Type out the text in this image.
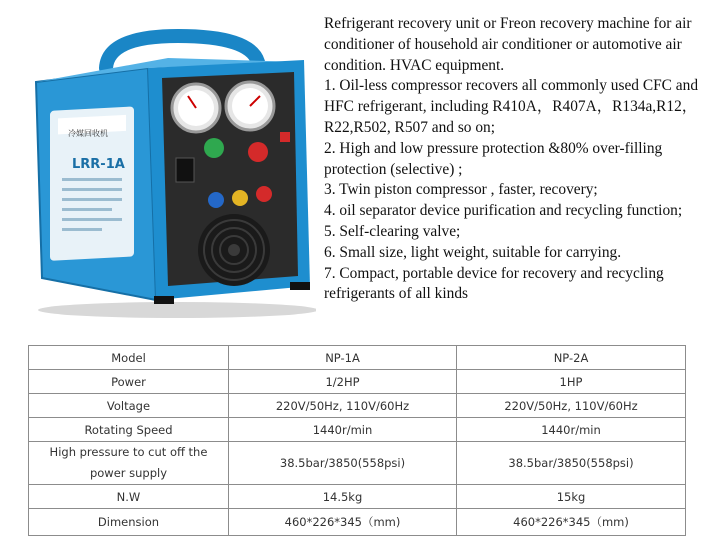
冷媒回收机
LRR-1A

Refrigerant recovery unit or Freon recovery machine for air conditioner of household air conditioner or automotive air condition. HVAC equipment.

1. Oil-less compressor recovers all commonly used CFC and HFC refrigerant, including R410A，R407A，R134a,R12，R22,R502, R507 and so on;

2. High and low pressure protection &80% over-filling protection (selective) ;

3. Twin piston compressor , faster, recovery;

4. oil separator device purification and recycling function;

5. Self-clearing valve;

6. Small size, light weight, suitable for carrying.

7. Compact, portable device for recovery and recycling refrigerants of all kinds

Model	NP-1A	NP-2A
Power	1/2HP	1HP
Voltage	220V/50Hz, 110V/60Hz	220V/50Hz, 110V/60Hz
Rotating Speed	1440r/min	1440r/min
High pressure to cut off the power supply	38.5bar/3850(558psi)	38.5bar/3850(558psi)
N.W	14.5kg	15kg
Dimension	460*226*345（mm)	460*226*345（mm)
